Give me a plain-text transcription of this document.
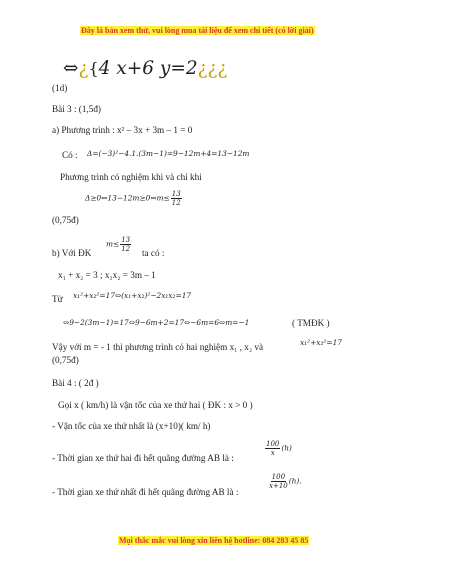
Đây là bản xem thử, vui lòng mua tài liệu để xem chi tiết (có lời giải)
⇔¿{4 x+6 y=2¿¿¿
(1d)
Bài 3 : (1,5đ)
a) Phương trình : x² – 3x + 3m – 1 = 0
Có : Δ=(−3)²−4.1.(3m−1)=9−12m+4=13−12m
Phương trình có nghiệm khi và chỉ khi
Δ≥0⇔13−12m≥0⇔m≤ $\frac{13}{12}$
(0,75đ)
b) Với ĐK
$m\le \frac{13}{12}$ ta có :
x₁ + x₂ = 3 ; x₁x₂ = 3m – 1
Từ x₁²+x₂²=17⇔(x₁+x₂)²−2x₁x₂=17
⇔9−2(3m−1)=17⇔9−6m+2=17⇔−6m=6⇔m=−1	( TMĐK )
Vậy với m = - 1 thì phương trình có hai nghiệm x₁ , x₂ và	x₁²+x₂²=17
(0,75đ)
Bài 4 : ( 2đ )
Gọi x ( km/h) là vận tốc của xe thứ hai ( ĐK : x > 0 )
- Vận tốc của xe thứ nhất là (x+10)( km/ h)
- Thời gian xe thứ hai đi hết quãng đường AB là :
$\frac{100}{x} (h)$
- Thời gian xe thứ nhất đi hết quãng đường AB là :
$\frac{100}{x+10} (h)$.
Mọi thắc mắc vui lòng xin liên hệ hotline: 084 283 45 85
